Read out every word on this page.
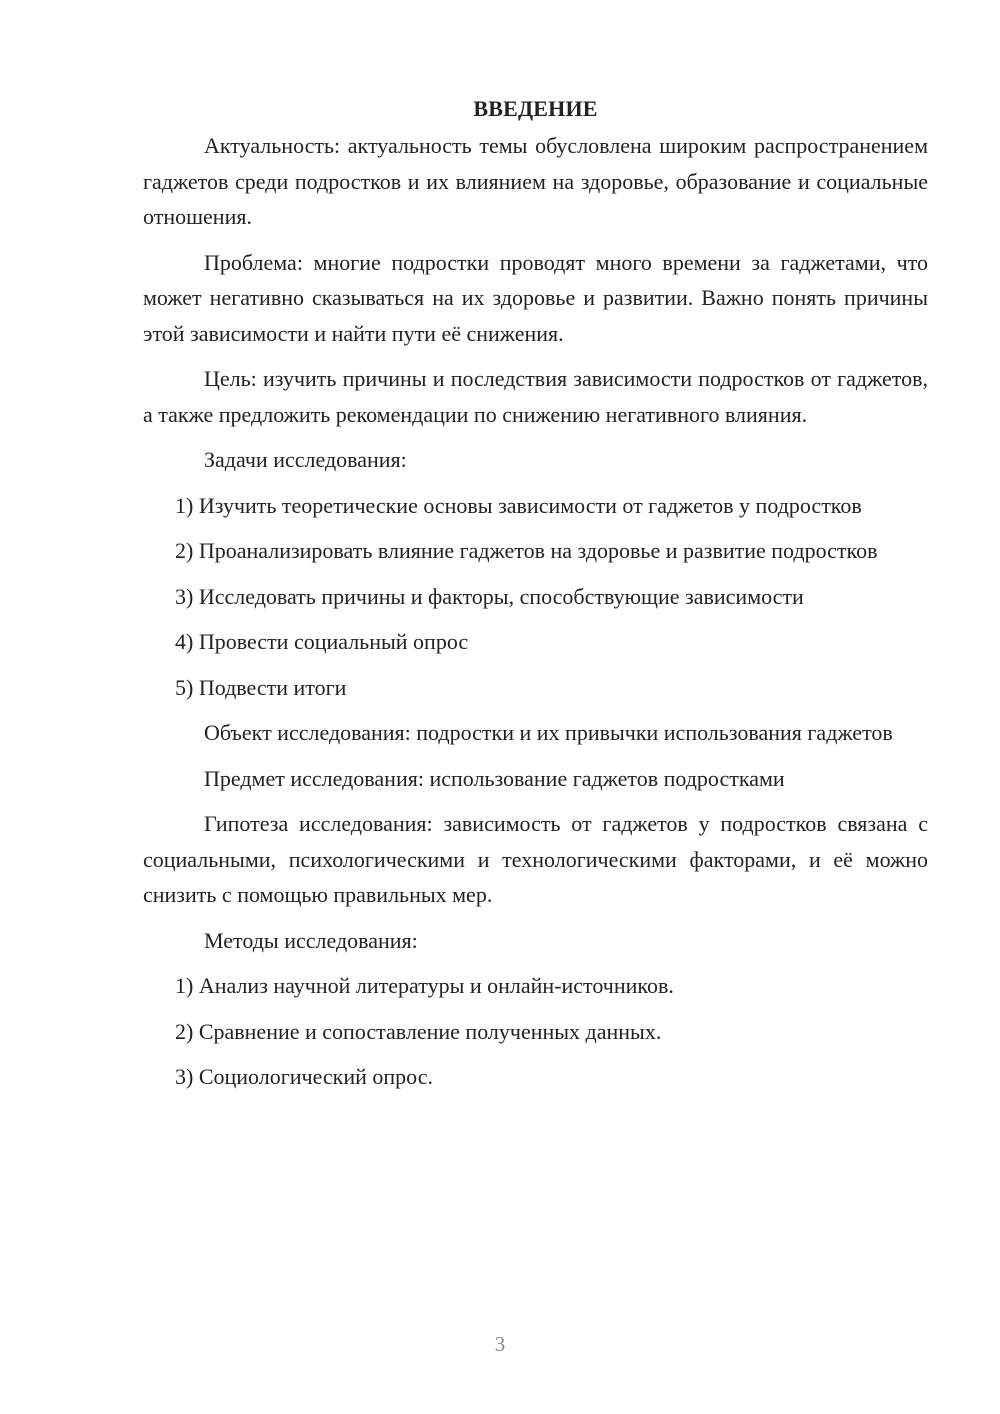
ВВЕДЕНИЕ

Актуальность: актуальность темы обусловлена широким распространением гаджетов среди подростков и их влиянием на здоровье, образование и социальные отношения.

Проблема: многие подростки проводят много времени за гаджетами, что может негативно сказываться на их здоровье и развитии. Важно понять причины этой зависимости и найти пути её снижения.

Цель: изучить причины и последствия зависимости подростков от гаджетов, а также предложить рекомендации по снижению негативного влияния.

Задачи исследования:

1) Изучить теоретические основы зависимости от гаджетов у подростков

2) Проанализировать влияние гаджетов на здоровье и развитие подростков

3) Исследовать причины и факторы, способствующие зависимости

4) Провести социальный опрос

5) Подвести итоги

Объект исследования: подростки и их привычки использования гаджетов

Предмет исследования: использование гаджетов подростками

Гипотеза исследования: зависимость от гаджетов у подростков связана с социальными, психологическими и технологическими факторами, и её можно снизить с помощью правильных мер.

Методы исследования:

1) Анализ научной литературы и онлайн-источников.

2) Сравнение и сопоставление полученных данных.

3) Социологический опрос.

3
